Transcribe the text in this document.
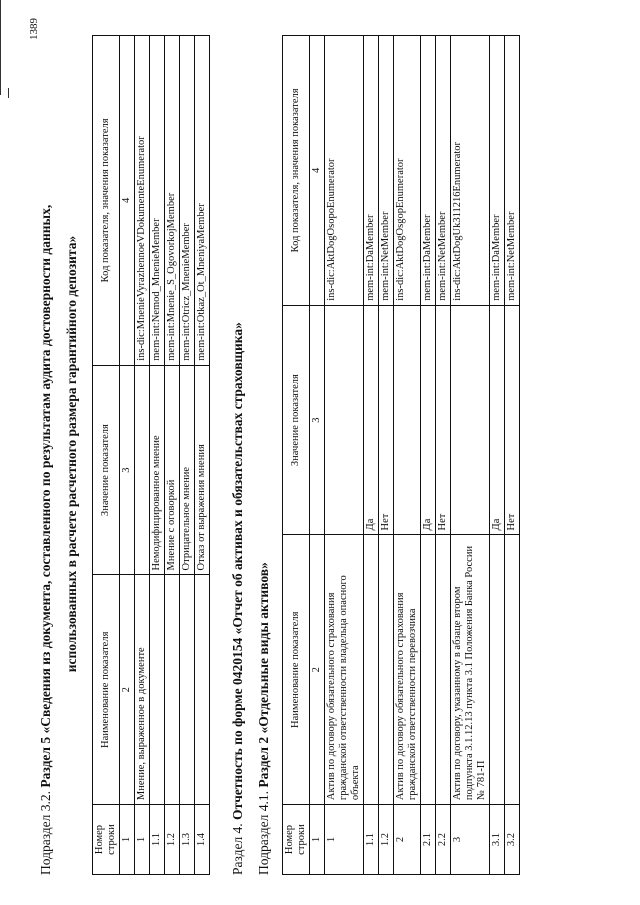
1389
Подраздел 3.2. Раздел 5 «Сведения из документа, составленного по результатам аудита достоверности данных, использованных в расчете расчетного размера гарантийного депозита»
Номер строки	Наименование показателя	Значение показателя	Код показателя, значения показателя
1	2	3	4
1	Мнение, выраженное в документе		ins-dic:MnenieVyrazhennoeVDokumenteEnumerator
1.1		Немодифицированное мнение	mem-int:Nemod_MnenieMember
1.2		Мнение с оговоркой	mem-int:Mnenie_S_OgovorkojMember
1.3		Отрицательное мнение	mem-int:Otricz_MnenieMember
1.4		Отказ от выражения мнения	mem-int:Otkaz_Ot_MneniyaMember
Раздел 4. Отчетность по форме 0420154 «Отчет об активах и обязательствах страховщика»
Подраздел 4.1. Раздел 2 «Отдельные виды активов»
Номер строки	Наименование показателя	Значение показателя	Код показателя, значения показателя
1	2	3	4
1	Актив по договору обязательного страхования гражданской ответственности владельца опасного объекта		ins-dic:AktDogOsopoEnumerator
1.1		Да	mem-int:DaMember
1.2		Нет	mem-int:NetMember
2	Актив по договору обязательного страхования гражданской ответственности перевозчика		ins-dic:AktDogOsgopEnumerator
2.1		Да	mem-int:DaMember
2.2		Нет	mem-int:NetMember
3	Актив по договору, указанному в абзаце втором подпункта 3.1.12.13 пункта 3.1 Положения Банка России № 781-П		ins-dic:AktDogUk311216Enumerator
3.1		Да	mem-int:DaMember
3.2		Нет	mem-int:NetMember
